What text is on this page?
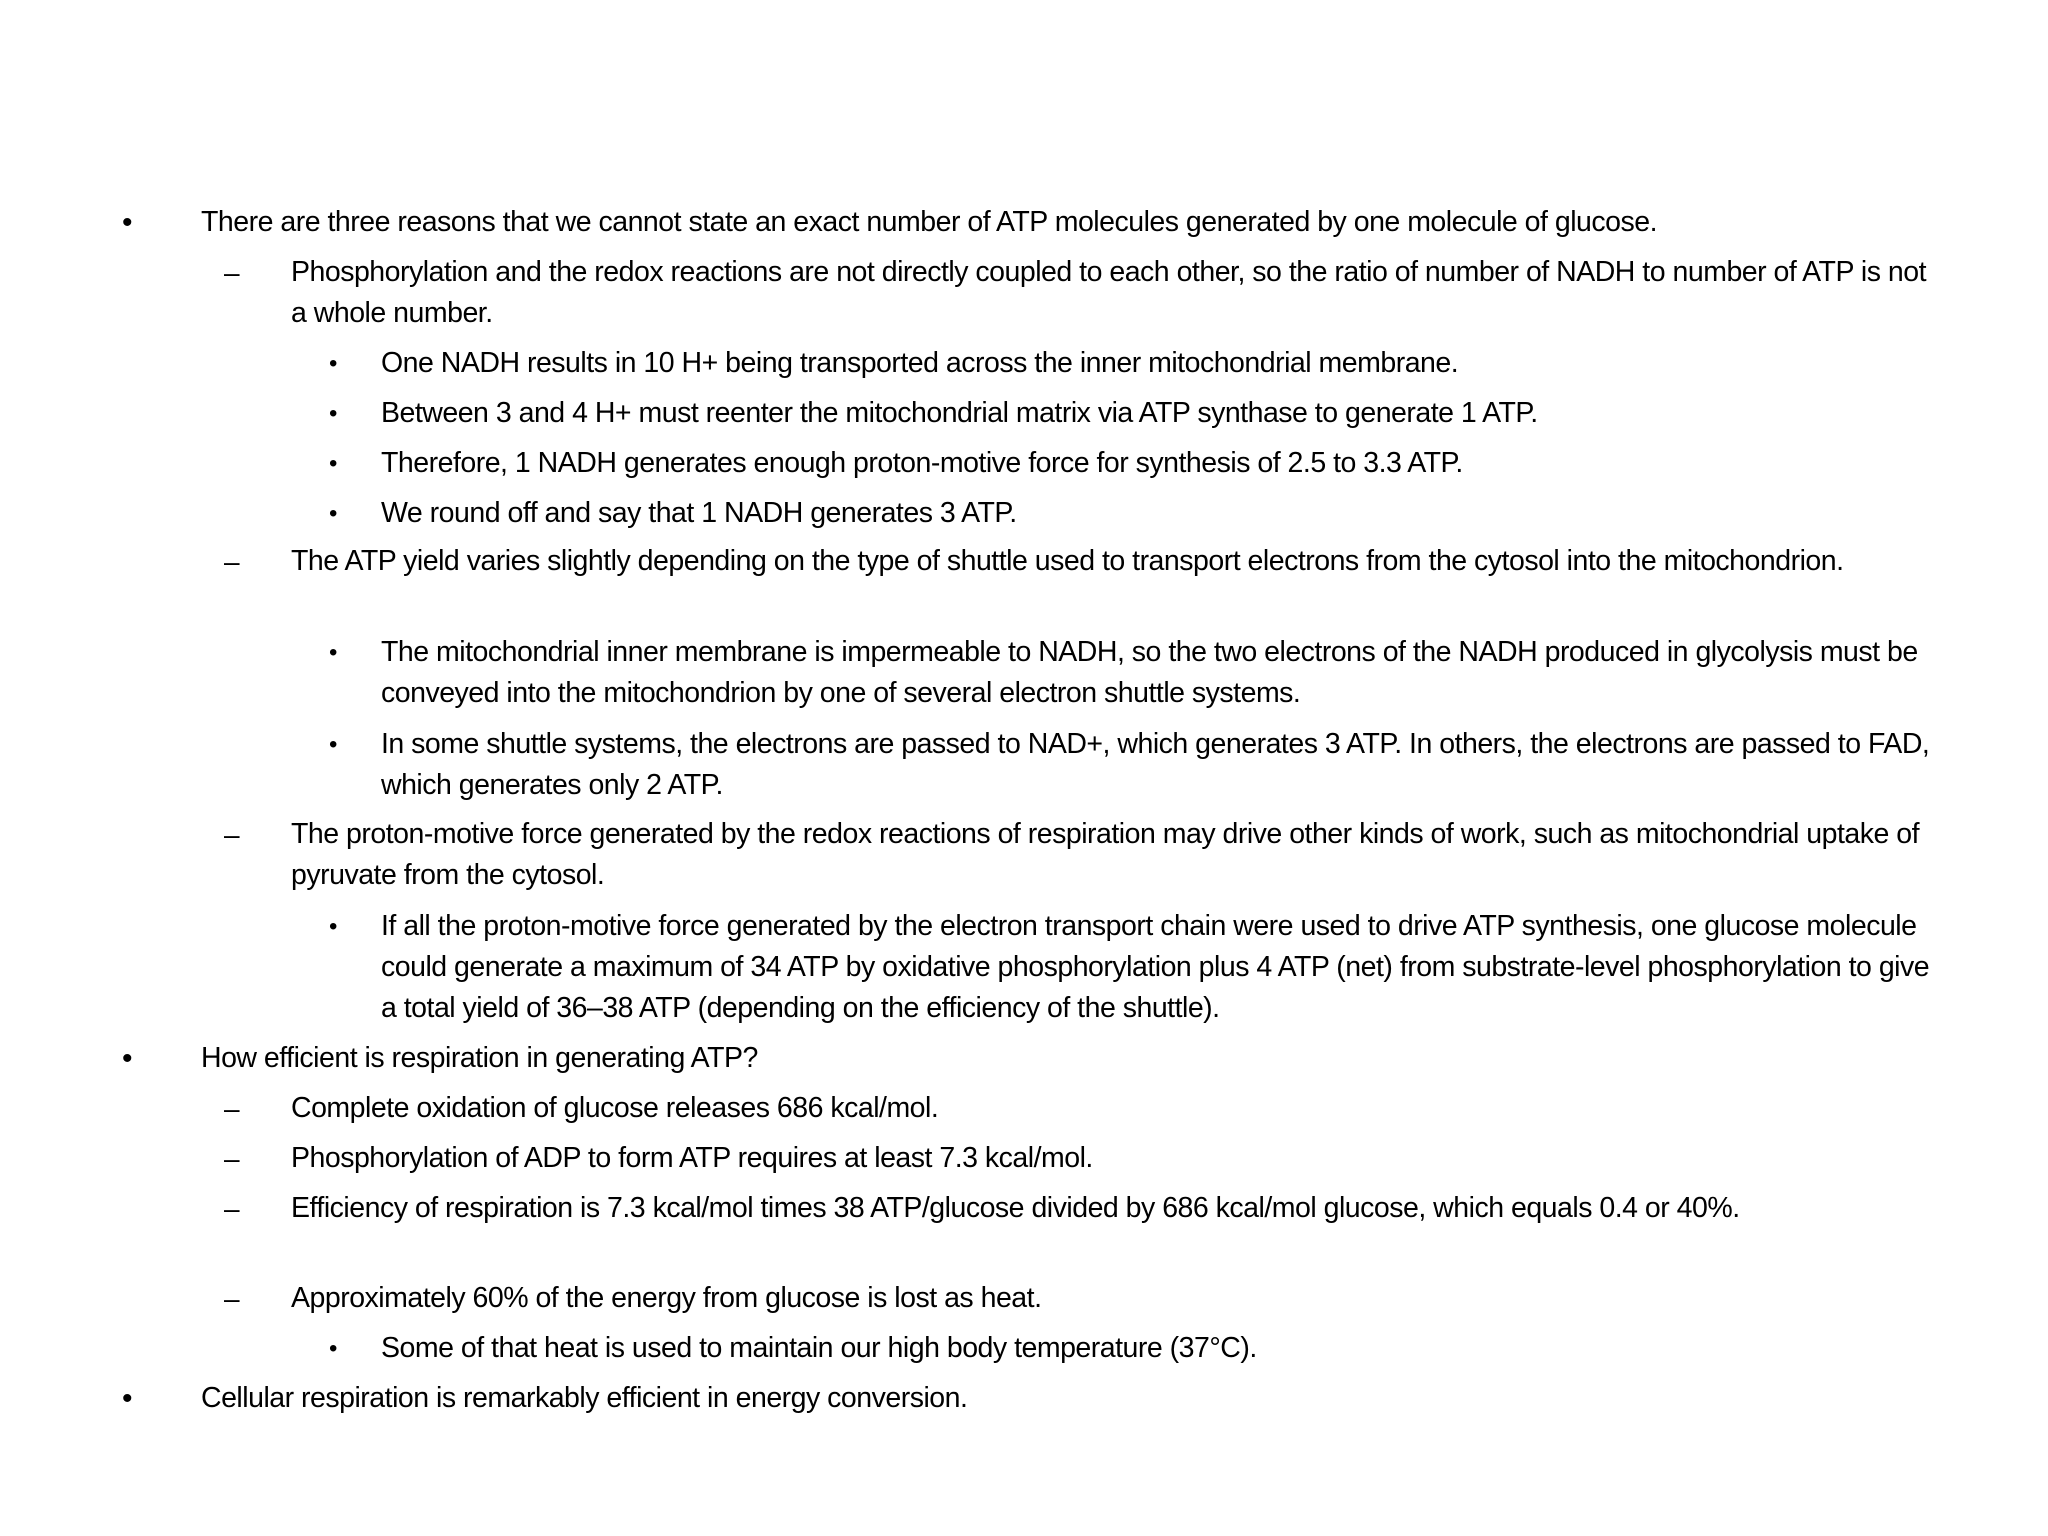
• There are three reasons that we cannot state an exact number of ATP molecules generated by one molecule of glucose.
– Phosphorylation and the redox reactions are not directly coupled to each other, so the ratio of number of NADH to number of ATP is not a whole number.
• One NADH results in 10 H+ being transported across the inner mitochondrial membrane.
• Between 3 and 4 H+ must reenter the mitochondrial matrix via ATP synthase to generate 1 ATP.
• Therefore, 1 NADH generates enough proton-motive force for synthesis of 2.5 to 3.3 ATP.
• We round off and say that 1 NADH generates 3 ATP.
– The ATP yield varies slightly depending on the type of shuttle used to transport electrons from the cytosol into the mitochondrion.
• The mitochondrial inner membrane is impermeable to NADH, so the two electrons of the NADH produced in glycolysis must be conveyed into the mitochondrion by one of several electron shuttle systems.
• In some shuttle systems, the electrons are passed to NAD+, which generates 3 ATP. In others, the electrons are passed to FAD, which generates only 2 ATP.
– The proton-motive force generated by the redox reactions of respiration may drive other kinds of work, such as mitochondrial uptake of pyruvate from the cytosol.
• If all the proton-motive force generated by the electron transport chain were used to drive ATP synthesis, one glucose molecule could generate a maximum of 34 ATP by oxidative phosphorylation plus 4 ATP (net) from substrate-level phosphorylation to give a total yield of 36–38 ATP (depending on the efficiency of the shuttle).
• How efficient is respiration in generating ATP?
– Complete oxidation of glucose releases 686 kcal/mol.
– Phosphorylation of ADP to form ATP requires at least 7.3 kcal/mol.
– Efficiency of respiration is 7.3 kcal/mol times 38 ATP/glucose divided by 686 kcal/mol glucose, which equals 0.4 or 40%.
– Approximately 60% of the energy from glucose is lost as heat.
• Some of that heat is used to maintain our high body temperature (37°C).
• Cellular respiration is remarkably efficient in energy conversion.
